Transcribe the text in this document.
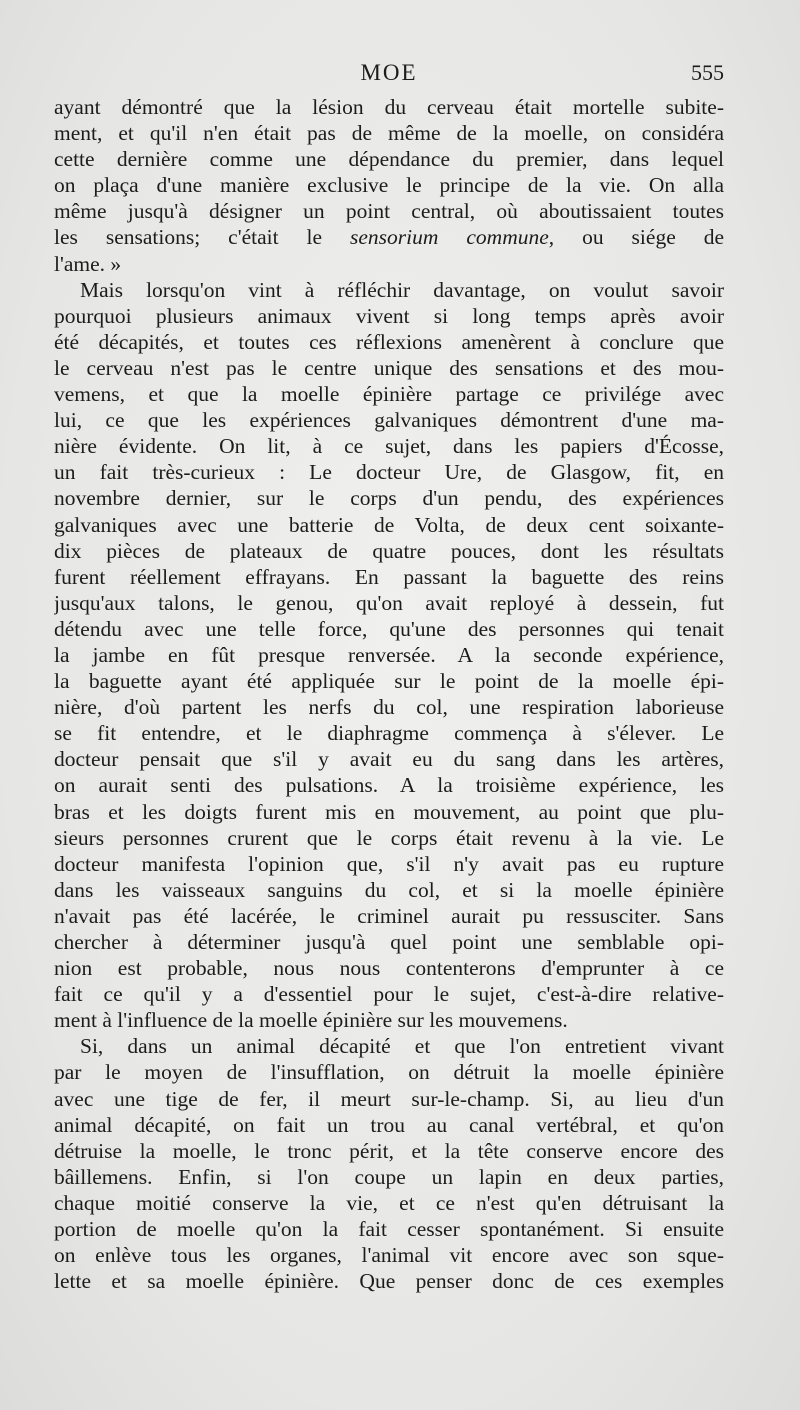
MOE	555
ayant démontré que la lésion du cerveau était mortelle subite-
ment, et qu'il n'en était pas de même de la moelle, on considéra
cette dernière comme une dépendance du premier, dans lequel
on plaça d'une manière exclusive le principe de la vie. On alla
même jusqu'à désigner un point central, où aboutissaient toutes
les sensations; c'était le sensorium commune, ou siége de
l'ame. »
Mais lorsqu'on vint à réfléchir davantage, on voulut savoir
pourquoi plusieurs animaux vivent si long temps après avoir
été décapités, et toutes ces réflexions amenèrent à conclure que
le cerveau n'est pas le centre unique des sensations et des mou-
vemens, et que la moelle épinière partage ce privilége avec
lui, ce que les expériences galvaniques démontrent d'une ma-
nière évidente. On lit, à ce sujet, dans les papiers d'Écosse,
un fait très-curieux : Le docteur Ure, de Glasgow, fit, en
novembre dernier, sur le corps d'un pendu, des expériences
galvaniques avec une batterie de Volta, de deux cent soixante-
dix pièces de plateaux de quatre pouces, dont les résultats
furent réellement effrayans. En passant la baguette des reins
jusqu'aux talons, le genou, qu'on avait reployé à dessein, fut
détendu avec une telle force, qu'une des personnes qui tenait
la jambe en fût presque renversée. A la seconde expérience,
la baguette ayant été appliquée sur le point de la moelle épi-
nière, d'où partent les nerfs du col, une respiration laborieuse
se fit entendre, et le diaphragme commença à s'élever. Le
docteur pensait que s'il y avait eu du sang dans les artères,
on aurait senti des pulsations. A la troisième expérience, les
bras et les doigts furent mis en mouvement, au point que plu-
sieurs personnes crurent que le corps était revenu à la vie. Le
docteur manifesta l'opinion que, s'il n'y avait pas eu rupture
dans les vaisseaux sanguins du col, et si la moelle épinière
n'avait pas été lacérée, le criminel aurait pu ressusciter. Sans
chercher à déterminer jusqu'à quel point une semblable opi-
nion est probable, nous nous contenterons d'emprunter à ce
fait ce qu'il y a d'essentiel pour le sujet, c'est-à-dire relative-
ment à l'influence de la moelle épinière sur les mouvemens.
Si, dans un animal décapité et que l'on entretient vivant
par le moyen de l'insufflation, on détruit la moelle épinière
avec une tige de fer, il meurt sur-le-champ. Si, au lieu d'un
animal décapité, on fait un trou au canal vertébral, et qu'on
détruise la moelle, le tronc périt, et la tête conserve encore des
bâillemens. Enfin, si l'on coupe un lapin en deux parties,
chaque moitié conserve la vie, et ce n'est qu'en détruisant la
portion de moelle qu'on la fait cesser spontanément. Si ensuite
on enlève tous les organes, l'animal vit encore avec son sque-
lette et sa moelle épinière. Que penser donc de ces exemples
